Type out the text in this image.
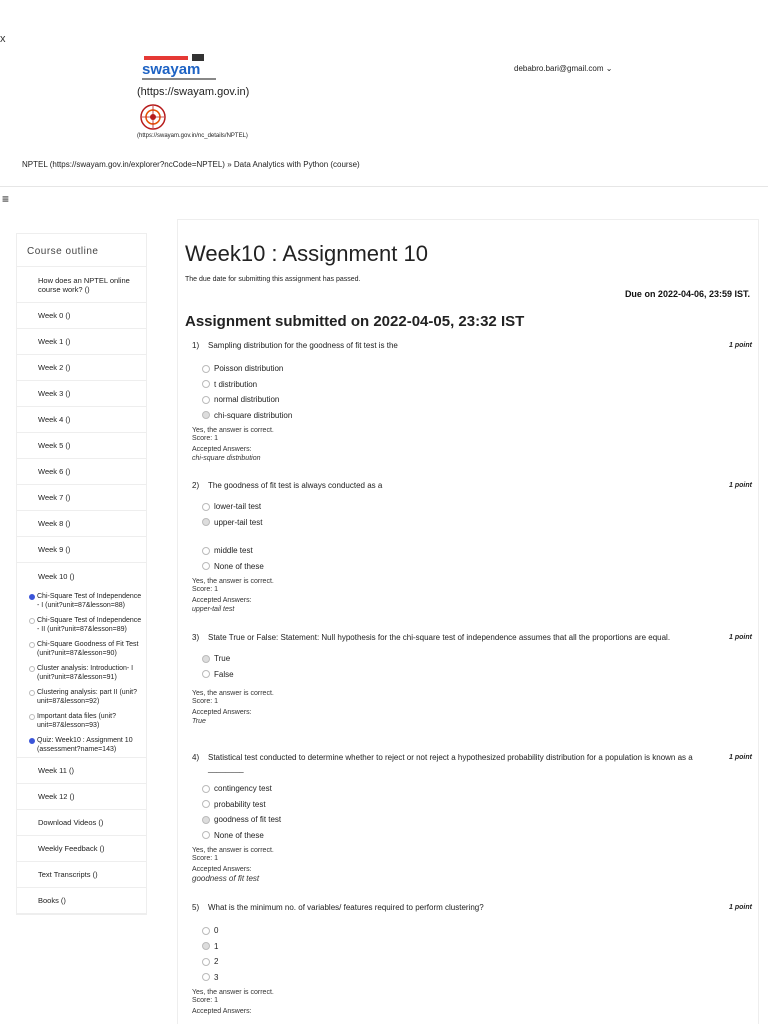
x
swayam
(https://swayam.gov.in)
(https://swayam.gov.in/nc_details/NPTEL)
debabro.bari@gmail.com ⌄
NPTEL (https://swayam.gov.in/explorer?ncCode=NPTEL) » Data Analytics with Python (course)
≡
Course outline
How does an NPTEL online course work? ()
Week 0 ()
Week 1 ()
Week 2 ()
Week 3 ()
Week 4 ()
Week 5 ()
Week 6 ()
Week 7 ()
Week 8 ()
Week 9 ()
Week 10 ()
Chi-Square Test of Independence - I (unit?unit=87&lesson=88)
Chi-Square Test of Independence - II (unit?unit=87&lesson=89)
Chi-Square Goodness of Fit Test (unit?unit=87&lesson=90)
Cluster analysis: Introduction- I (unit?unit=87&lesson=91)
Clustering analysis: part II (unit?unit=87&lesson=92)
Important data files (unit?unit=87&lesson=93)
Quiz: Week10 : Assignment 10 (assessment?name=143)
Week 11 ()
Week 12 ()
Download Videos ()
Weekly Feedback ()
Text Transcripts ()
Books ()
Week10 : Assignment 10
The due date for submitting this assignment has passed.
Due on 2022-04-06, 23:59 IST.
Assignment submitted on 2022-04-05, 23:32 IST
1)	Sampling distribution for the goodness of fit test is the	1 point
Poisson distribution
t distribution
normal distribution
chi-square distribution
Yes, the answer is correct.
Score: 1
Accepted Answers:
chi-square distribution
2)	The goodness of fit test is always conducted as a	1 point
lower-tail test
upper-tail test
middle test
None of these
Yes, the answer is correct.
Score: 1
Accepted Answers:
upper-tail test
3)	State True or False: Statement: Null hypothesis for the chi-square test of independence assumes that all the proportions are equal.	1 point
True
False
Yes, the answer is correct.
Score: 1
Accepted Answers:
True
4)	Statistical test conducted to determine whether to reject or not reject a hypothesized probability distribution for a population is known as a ________
1 point
contingency test
probability test
goodness of fit test
None of these
Yes, the answer is correct.
Score: 1
Accepted Answers:
goodness of fit test
5)	What is the minimum no. of variables/ features required to perform clustering?	1 point
0
1
2
3
Yes, the answer is correct.
Score: 1
Accepted Answers:
